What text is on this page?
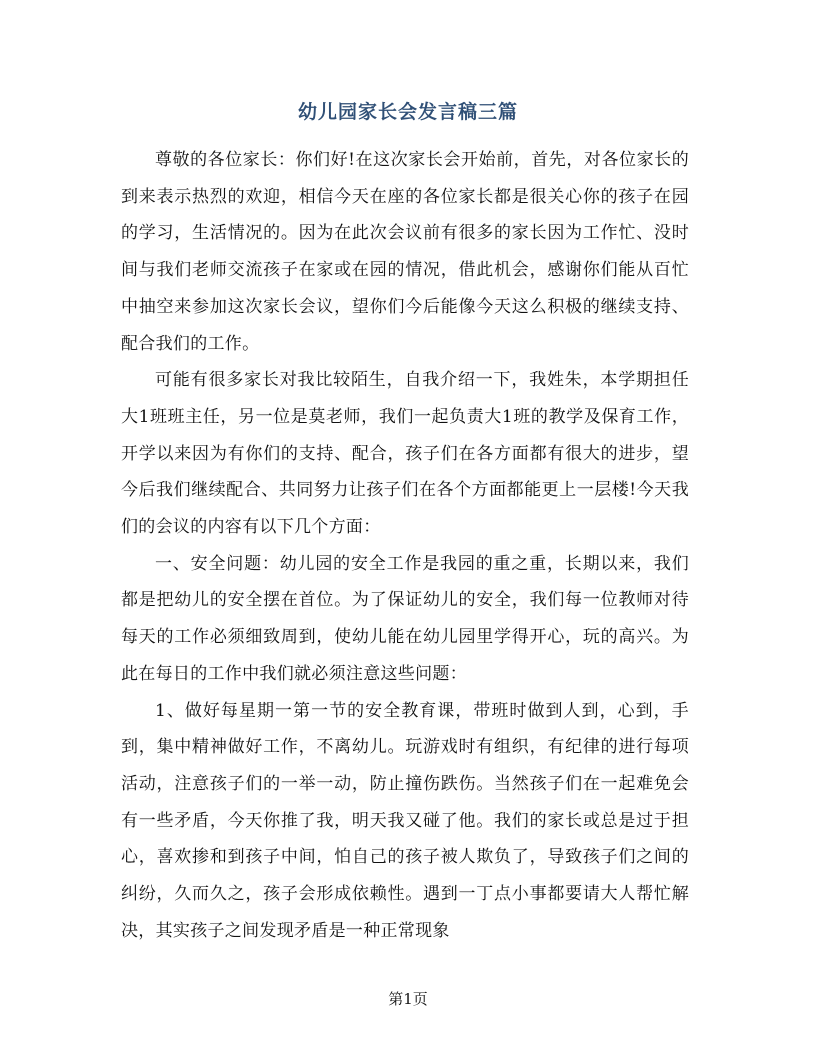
幼儿园家长会发言稿三篇

尊敬的各位家长：你们好!在这次家长会开始前，首先，对各位家长的到来表示热烈的欢迎，相信今天在座的各位家长都是很关心你的孩子在园的学习，生活情况的。因为在此次会议前有很多的家长因为工作忙、没时间与我们老师交流孩子在家或在园的情况，借此机会，感谢你们能从百忙中抽空来参加这次家长会议，望你们今后能像今天这么积极的继续支持、配合我们的工作。

可能有很多家长对我比较陌生，自我介绍一下，我姓朱，本学期担任大1班班主任，另一位是莫老师，我们一起负责大1班的教学及保育工作，开学以来因为有你们的支持、配合，孩子们在各方面都有很大的进步，望今后我们继续配合、共同努力让孩子们在各个方面都能更上一层楼!今天我们的会议的内容有以下几个方面：

一、安全问题：幼儿园的安全工作是我园的重之重，长期以来，我们都是把幼儿的安全摆在首位。为了保证幼儿的安全，我们每一位教师对待每天的工作必须细致周到，使幼儿能在幼儿园里学得开心，玩的高兴。为此在每日的工作中我们就必须注意这些问题：

1、做好每星期一第一节的安全教育课，带班时做到人到，心到，手到，集中精神做好工作，不离幼儿。玩游戏时有组织，有纪律的进行每项活动，注意孩子们的一举一动，防止撞伤跌伤。当然孩子们在一起难免会有一些矛盾，今天你推了我，明天我又碰了他。我们的家长或总是过于担心，喜欢掺和到孩子中间，怕自己的孩子被人欺负了，导致孩子们之间的纠纷，久而久之，孩子会形成依赖性。遇到一丁点小事都要请大人帮忙解决，其实孩子之间发现矛盾是一种正常现象

第1页
